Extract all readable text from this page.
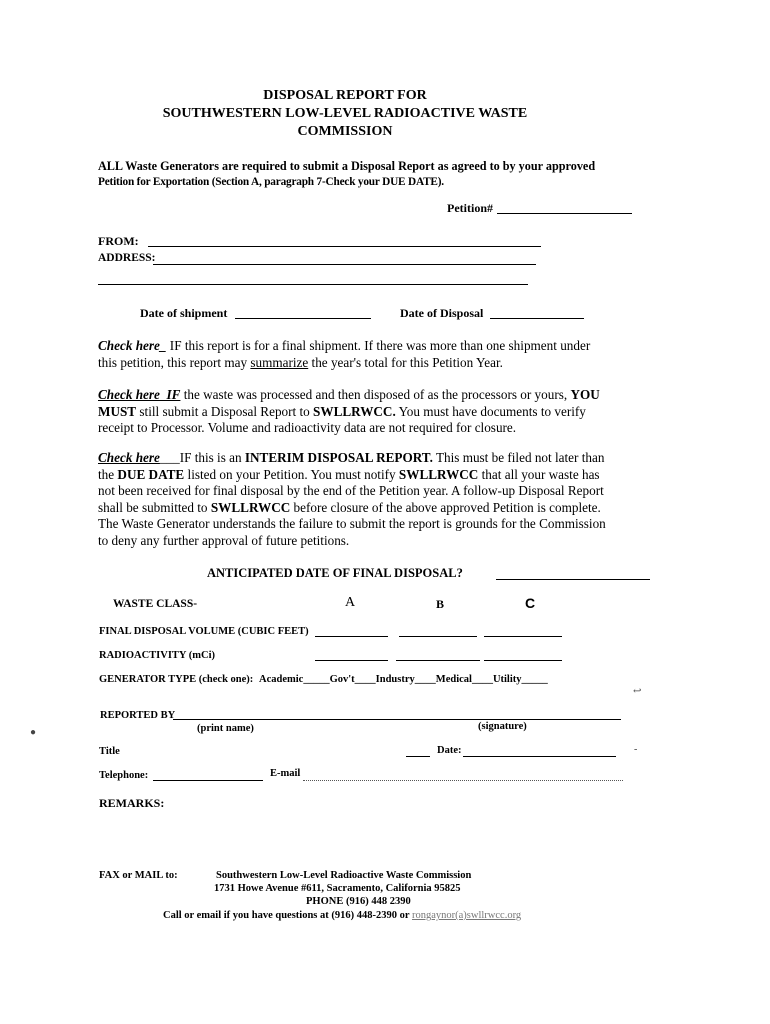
DISPOSAL REPORT FOR
SOUTHWESTERN LOW-LEVEL RADIOACTIVE WASTE
COMMISSION
ALL Waste Generators are required to submit a Disposal Report as agreed to by your approved
Petition for Exportation (Section A, paragraph 7-Check your DUE DATE).
Petition#
FROM:
ADDRESS:
Date of shipment	Date of Disposal
Check here_ IF this report is for a final shipment. If there was more than one shipment under
this petition, this report may summarize the year's total for this Petition Year.
Check here_IF the waste was processed and then disposed of as the processors or yours, YOU
MUST still submit a Disposal Report to SWLLRWCC. You must have documents to verify
receipt to Processor. Volume and radioactivity data are not required for closure.
Check here___IF this is an INTERIM DISPOSAL REPORT. This must be filed not later than
the DUE DATE listed on your Petition. You must notify SWLLRWCC that all your waste has
not been received for final disposal by the end of the Petition year. A follow-up Disposal Report
shall be submitted to SWLLRWCC before closure of the above approved Petition is complete.
The Waste Generator understands the failure to submit the report is grounds for the Commission
to deny any further approval of future petitions.
ANTICIPATED DATE OF FINAL DISPOSAL?
WASTE CLASS-	A	B	C
FINAL DISPOSAL VOLUME (CUBIC FEET)
RADIOACTIVITY (mCi)
GENERATOR TYPE (check one): Academic_____Gov't____Industry____Medical____Utility_____
REPORTED BY
(print name)	(signature)
Title	Date:
Telephone:	E-mail
REMARKS:
FAX or MAIL to:	Southwestern Low-Level Radioactive Waste Commission
1731 Howe Avenue #611, Sacramento, California 95825
PHONE (916) 448 2390
Call or email if you have questions at (916) 448-2390 or rongaynor(a)swllrwcc.org
●
↩
-
